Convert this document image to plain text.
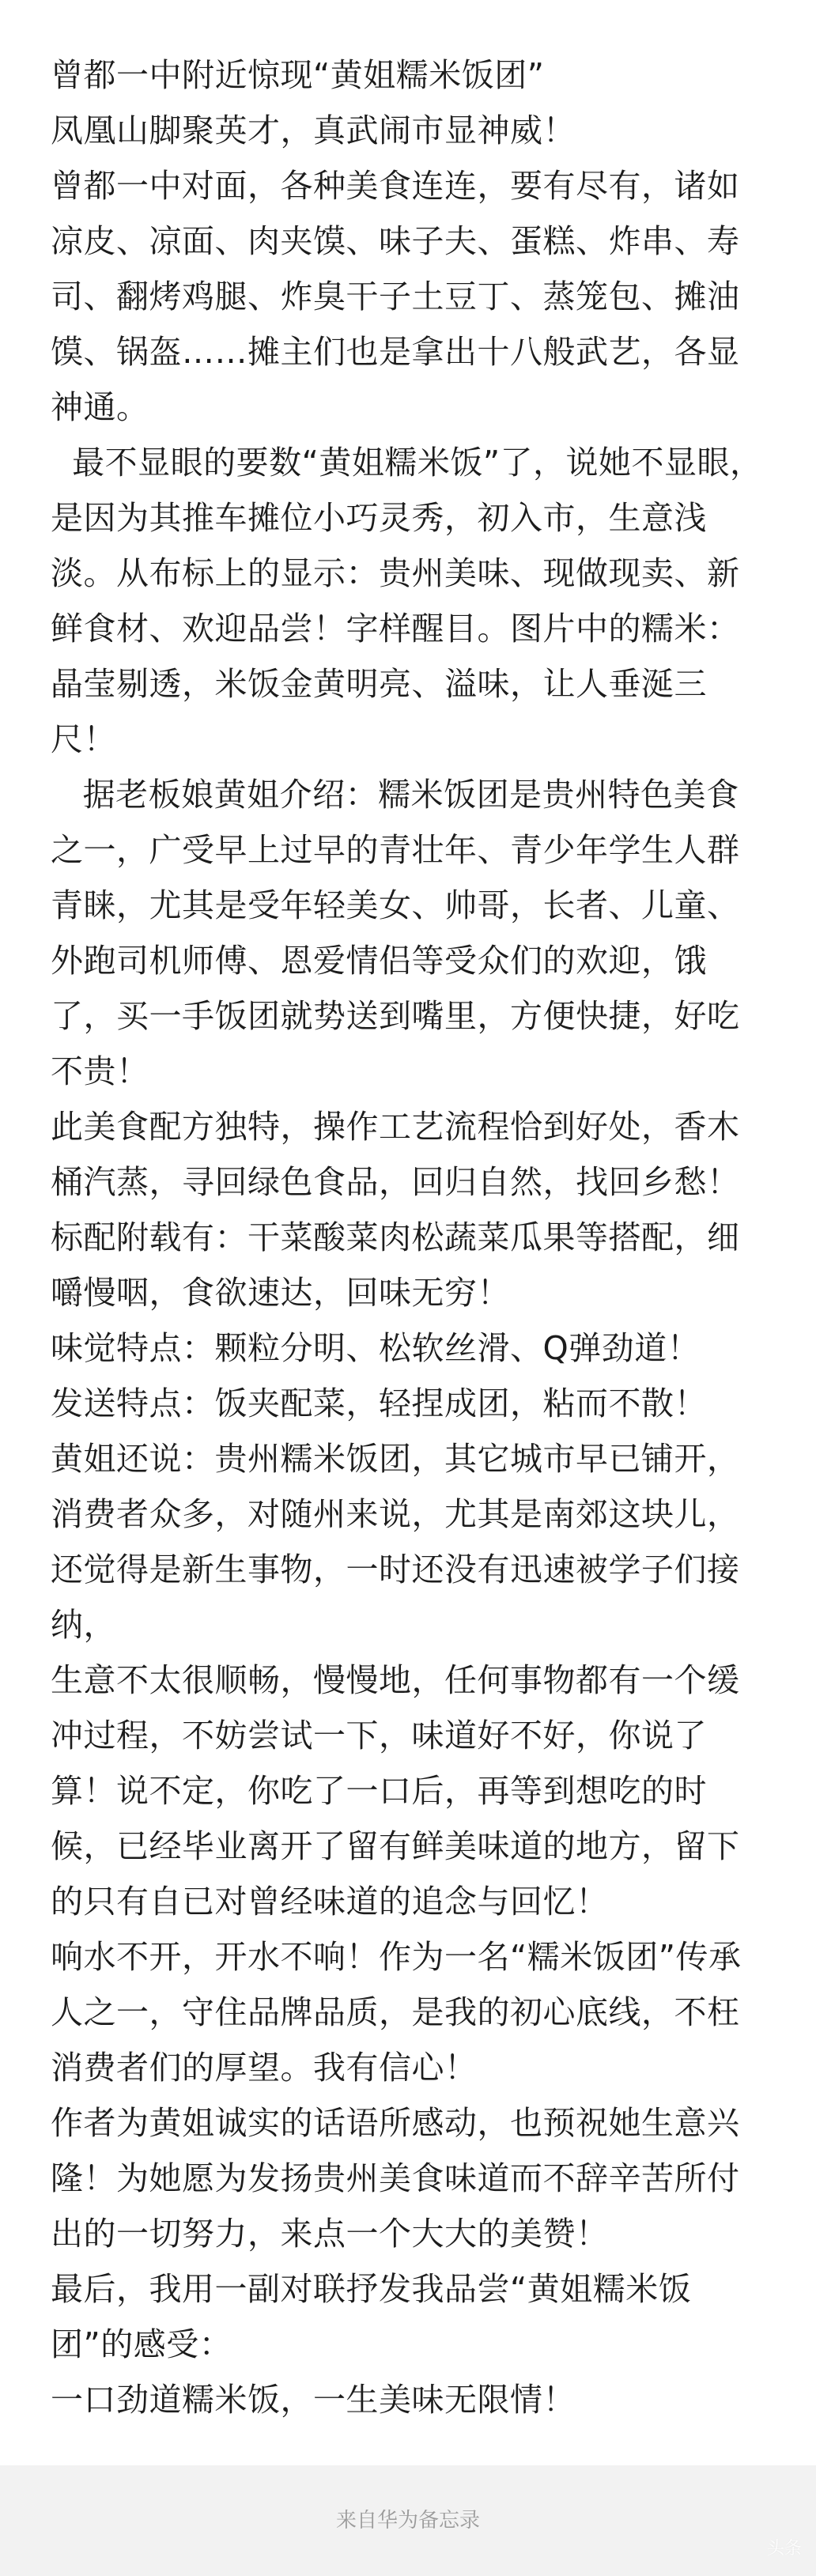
曾都一中附近惊现“黄姐糯米饭团”

凤凰山脚聚英才，真武闹市显神威！

曾都一中对面，各种美食连连，要有尽有，诸如凉皮、凉面、肉夹馍、味子夫、蛋糕、炸串、寿司、翻烤鸡腿、炸臭干子土豆丁、蒸笼包、摊油馍、锅盔……摊主们也是拿出十八般武艺，各显神通。

最不显眼的要数“黄姐糯米饭”了，说她不显眼，是因为其推车摊位小巧灵秀，初入市，生意浅淡。从布标上的显示：贵州美味、现做现卖、新鲜食材、欢迎品尝！字样醒目。图片中的糯米：晶莹剔透，米饭金黄明亮、溢味，让人垂涎三尺！

据老板娘黄姐介绍：糯米饭团是贵州特色美食之一，广受早上过早的青壮年、青少年学生人群青睐，尤其是受年轻美女、帅哥，长者、儿童、外跑司机师傅、恩爱情侣等受众们的欢迎，饿了，买一手饭团就势送到嘴里，方便快捷，好吃不贵！

此美食配方独特，操作工艺流程恰到好处，香木桶汽蒸，寻回绿色食品，回归自然，找回乡愁！

标配附载有：干菜酸菜肉松蔬菜瓜果等搭配，细嚼慢咽，食欲速达，回味无穷！

味觉特点：颗粒分明、松软丝滑、Q弹劲道！

发送特点：饭夹配菜，轻捏成团，粘而不散！

黄姐还说：贵州糯米饭团，其它城市早已铺开，消费者众多，对随州来说，尤其是南郊这块儿，还觉得是新生事物，一时还没有迅速被学子们接纳，

生意不太很顺畅，慢慢地，任何事物都有一个缓冲过程，不妨尝试一下，味道好不好，你说了算！说不定，你吃了一口后，再等到想吃的时候，已经毕业离开了留有鲜美味道的地方，留下的只有自已对曾经味道的追念与回忆！

响水不开，开水不响！作为一名“糯米饭团”传承人之一，守住品牌品质，是我的初心底线，不枉消费者们的厚望。我有信心！

作者为黄姐诚实的话语所感动，也预祝她生意兴隆！为她愿为发扬贵州美食味道而不辞辛苦所付出的一切努力，来点一个大大的美赞！

最后，我用一副对联抒发我品尝“黄姐糯米饭团”的感受：

一口劲道糯米饭，一生美味无限情！

来自华为备忘录
头条
